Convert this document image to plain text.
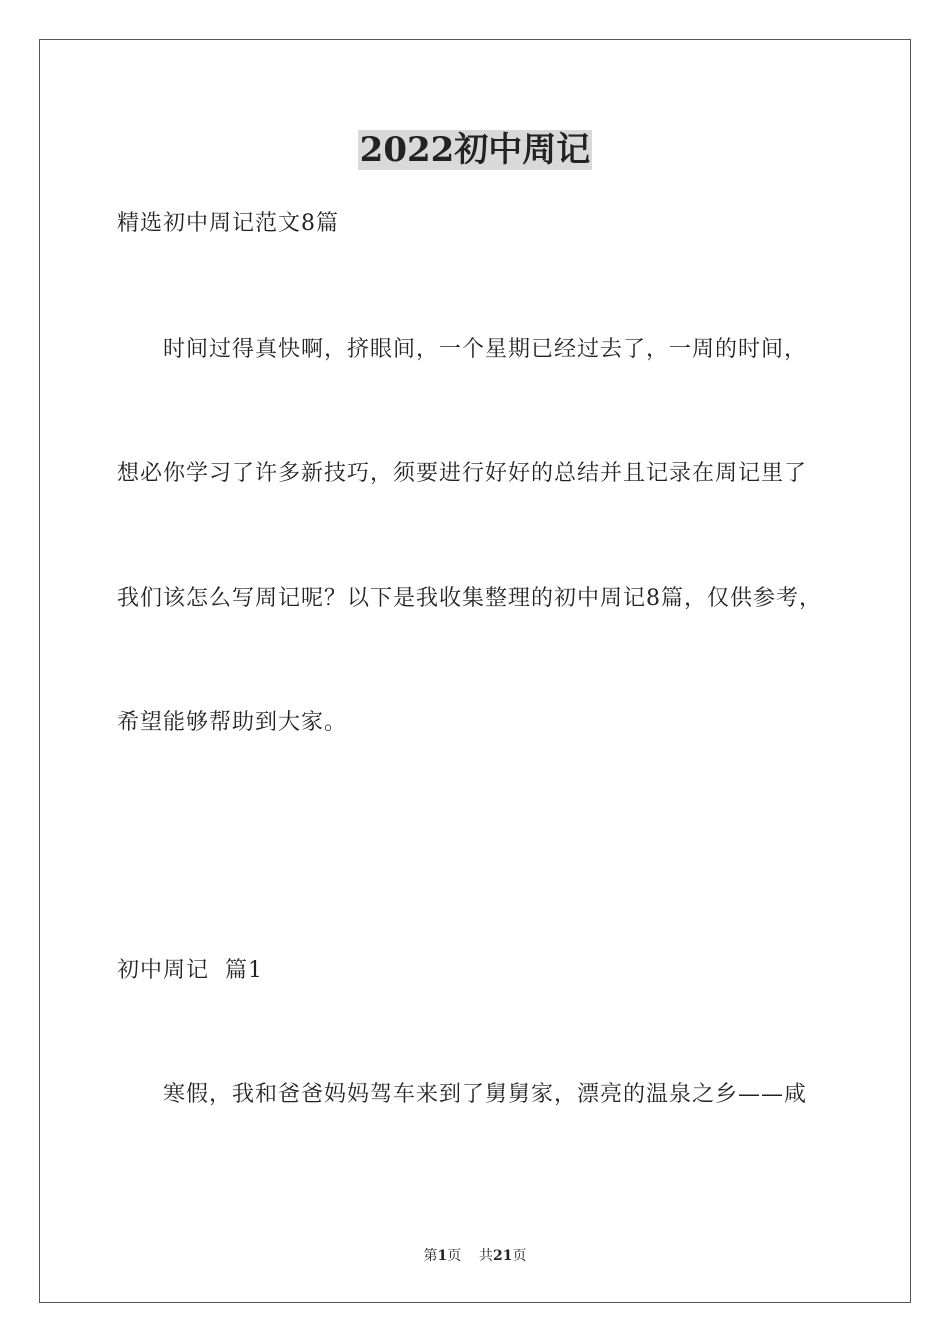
2022初中周记
精选初中周记范文8篇
时间过得真快啊，挤眼间，一个星期已经过去了，一周的时间，
想必你学习了许多新技巧，须要进行好好的总结并且记录在周记里了
我们该怎么写周记呢？以下是我收集整理的初中周记8篇，仅供参考，
希望能够帮助到大家。
初中周记  篇1
寒假，我和爸爸妈妈驾车来到了舅舅家，漂亮的温泉之乡——咸
第1页 共21页
